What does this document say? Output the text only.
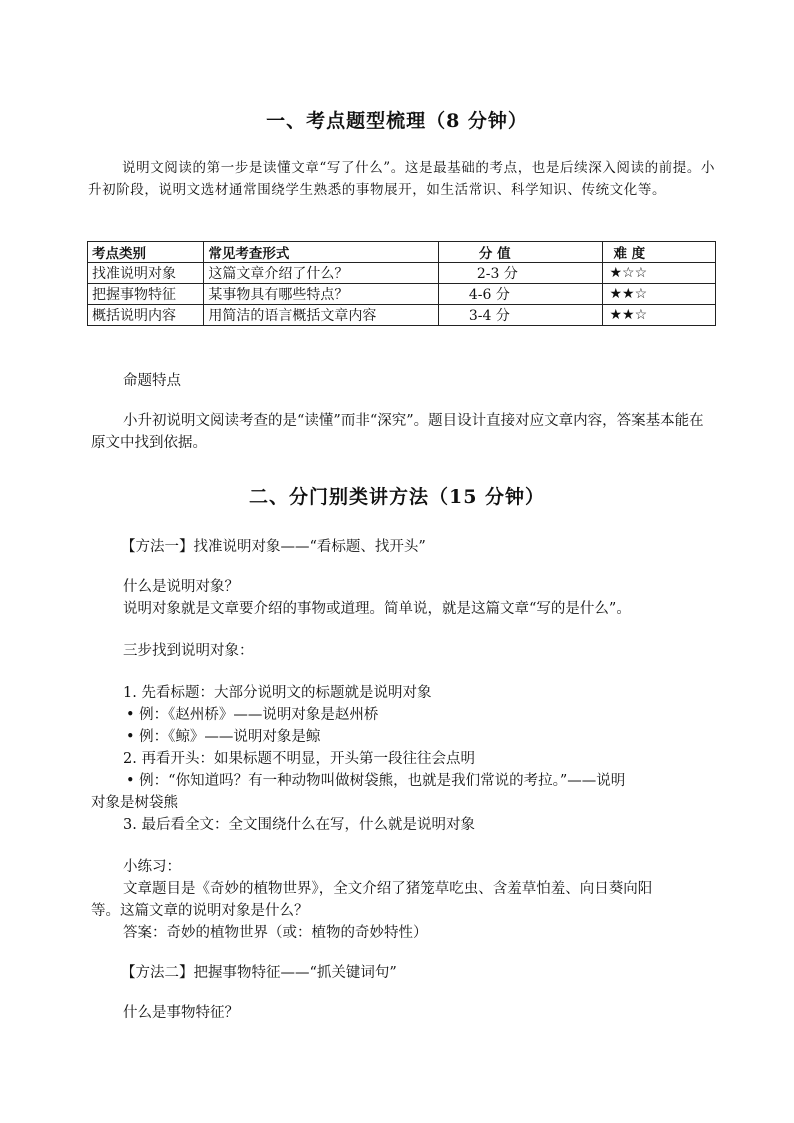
一、考点题型梳理（8 分钟）

说明文阅读的第一步是读懂文章“写了什么”。这是最基础的考点，也是后续深入阅读的前提。小升初阶段，说明文选材通常围绕学生熟悉的事物展开，如生活常识、科学知识、传统文化等。

考点类别	常见考查形式	分 值	难 度
找准说明对象	这篇文章介绍了什么？	2-3 分	★☆☆
把握事物特征	某事物具有哪些特点？	4-6 分	★★☆
概括说明内容	用简洁的语言概括文章内容	3-4 分	★★☆
命题特点

小升初说明文阅读考查的是“读懂”而非“深究”。题目设计直接对应文章内容，答案基本能在原文中找到依据。

二、分门别类讲方法（15 分钟）
【方法一】找准说明对象——“看标题、找开头”
什么是说明对象？
说明对象就是文章要介绍的事物或道理。简单说，就是这篇文章“写的是什么”。
三步找到说明对象：
1. 先看标题：大部分说明文的标题就是说明对象
• 例：《赵州桥》——说明对象是赵州桥
• 例：《鲸》——说明对象是鲸
2. 再看开头：如果标题不明显，开头第一段往往会点明
• 例：“你知道吗？有一种动物叫做树袋熊，也就是我们常说的考拉。”——说明
对象是树袋熊
3. 最后看全文：全文围绕什么在写，什么就是说明对象
小练习：
文章题目是《奇妙的植物世界》，全文介绍了猪笼草吃虫、含羞草怕羞、向日葵向阳
等。这篇文章的说明对象是什么？
答案：奇妙的植物世界（或：植物的奇妙特性）
【方法二】把握事物特征——“抓关键词句”
什么是事物特征？
